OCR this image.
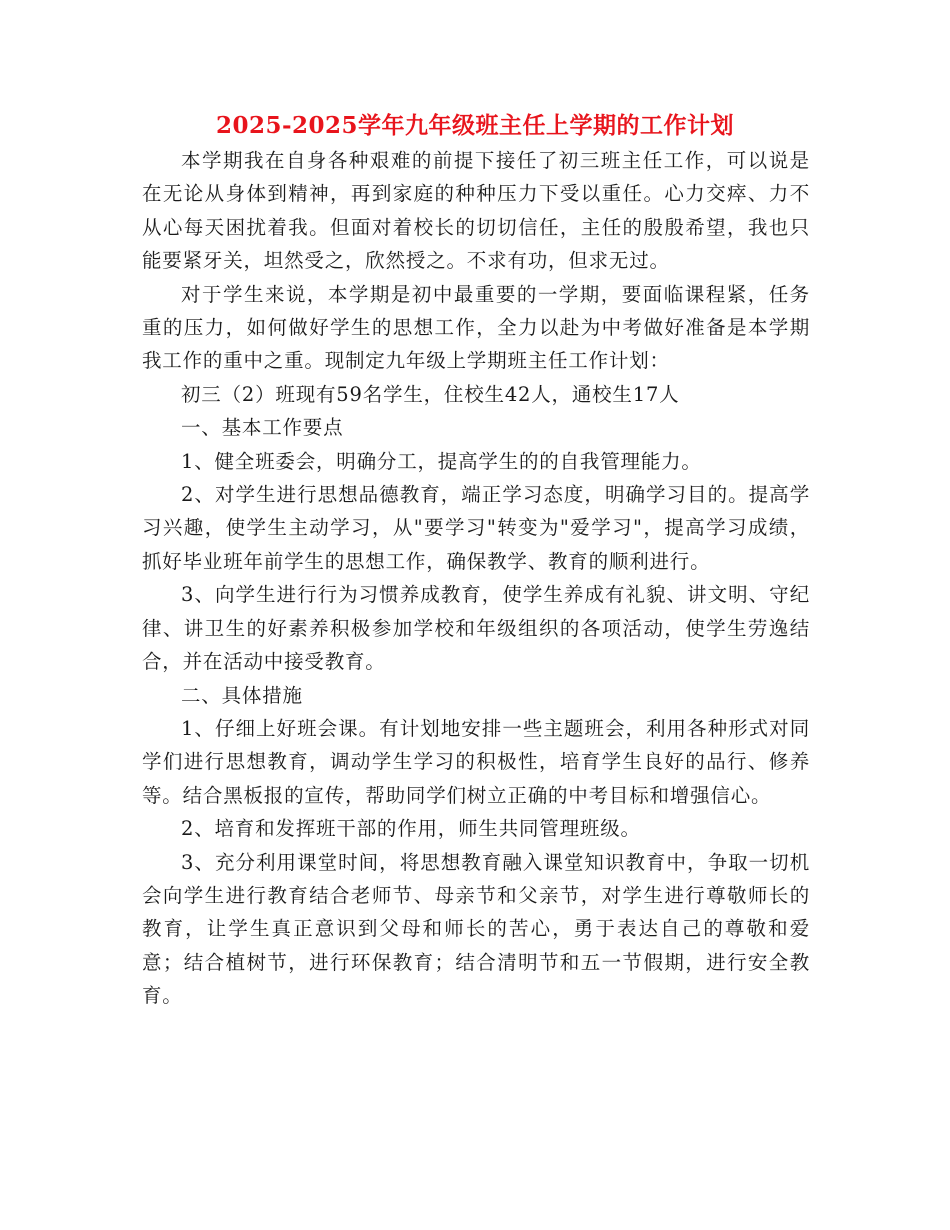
2025-2025学年九年级班主任上学期的工作计划

本学期我在自身各种艰难的前提下接任了初三班主任工作，可以说是在无论从身体到精神，再到家庭的种种压力下受以重任。心力交瘁、力不从心每天困扰着我。但面对着校长的切切信任，主任的殷殷希望，我也只能要紧牙关，坦然受之，欣然授之。不求有功，但求无过。

对于学生来说，本学期是初中最重要的一学期，要面临课程紧，任务重的压力，如何做好学生的思想工作，全力以赴为中考做好准备是本学期我工作的重中之重。现制定九年级上学期班主任工作计划：

初三（2）班现有59名学生，住校生42人，通校生17人

一、基本工作要点

1、健全班委会，明确分工，提高学生的的自我管理能力。

2、对学生进行思想品德教育，端正学习态度，明确学习目的。提高学习兴趣，使学生主动学习，从"要学习"转变为"爱学习"，提高学习成绩，抓好毕业班年前学生的思想工作，确保教学、教育的顺利进行。

3、向学生进行行为习惯养成教育，使学生养成有礼貌、讲文明、守纪律、讲卫生的好素养积极参加学校和年级组织的各项活动，使学生劳逸结合，并在活动中接受教育。

二、具体措施

1、仔细上好班会课。有计划地安排一些主题班会，利用各种形式对同学们进行思想教育，调动学生学习的积极性，培育学生良好的品行、修养等。结合黑板报的宣传，帮助同学们树立正确的中考目标和增强信心。

2、培育和发挥班干部的作用，师生共同管理班级。

3、充分利用课堂时间，将思想教育融入课堂知识教育中，争取一切机会向学生进行教育结合老师节、母亲节和父亲节，对学生进行尊敬师长的教育，让学生真正意识到父母和师长的苦心，勇于表达自己的尊敬和爱意；结合植树节，进行环保教育；结合清明节和五一节假期，进行安全教育。
